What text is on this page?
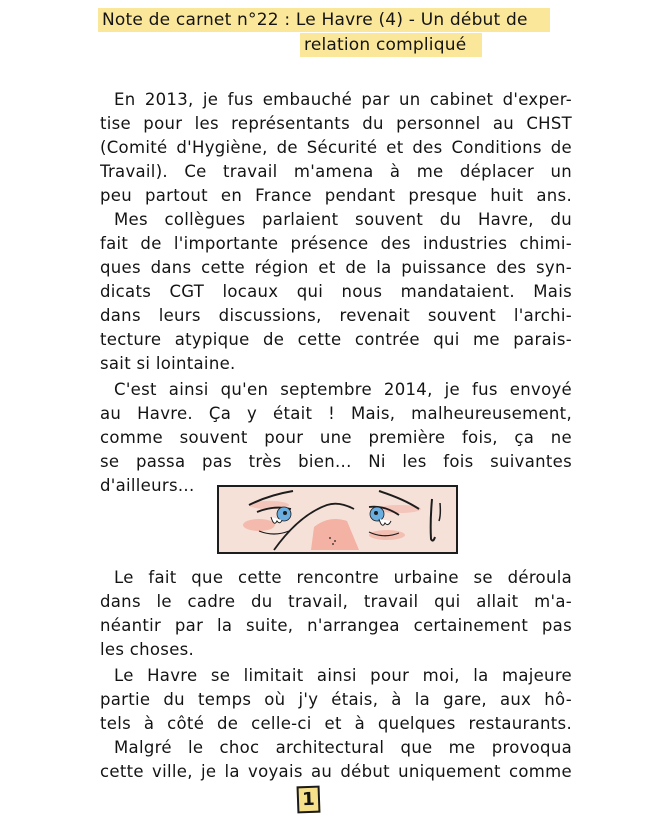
Note de carnet n°22 : Le Havre (4) - Un début de
relation compliqué
En 2013, je fus embauché par un cabinet d'exper-
tise pour les représentants du personnel au CHST
(Comité d'Hygiène, de Sécurité et des Conditions de
Travail). Ce travail m'amena à me déplacer un
peu partout en France pendant presque huit ans.
Mes collègues parlaient souvent du Havre, du
fait de l'importante présence des industries chimi-
ques dans cette région et de la puissance des syn-
dicats CGT locaux qui nous mandataient. Mais
dans leurs discussions, revenait souvent l'archi-
tecture atypique de cette contrée qui me parais-
sait si lointaine.
C'est ainsi qu'en septembre 2014, je fus envoyé
au Havre. Ça y était ! Mais, malheureusement,
comme souvent pour une première fois, ça ne
se passa pas très bien... Ni les fois suivantes
d'ailleurs...
Le fait que cette rencontre urbaine se déroula
dans le cadre du travail, travail qui allait m'a-
néantir par la suite, n'arrangea certainement pas
les choses.
Le Havre se limitait ainsi pour moi, la majeure
partie du temps où j'y étais, à la gare, aux hô-
tels à côté de celle-ci et à quelques restaurants.
Malgré le choc architectural que me provoqua
cette ville, je la voyais au début uniquement comme
1
